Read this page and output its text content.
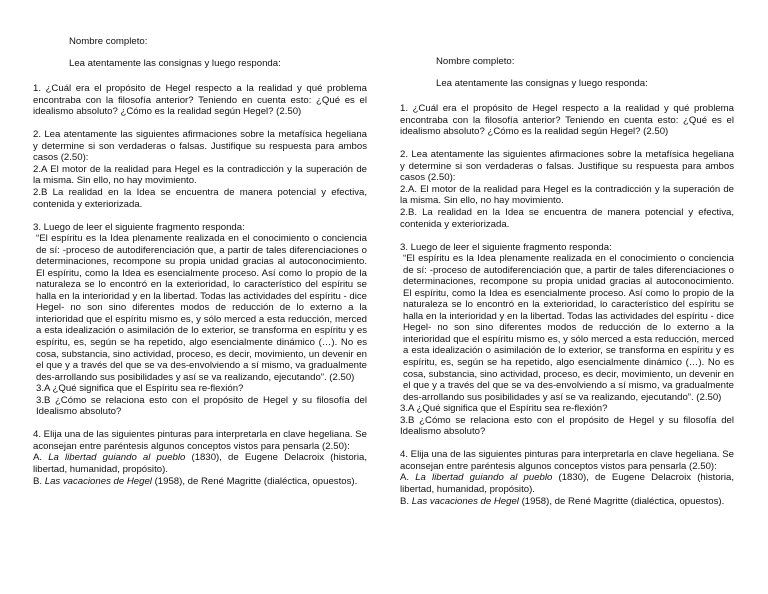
Nombre completo:

Lea atentamente las consignas y luego responda:

1. ¿Cuál era el propósito de Hegel respecto a la realidad y qué problema encontraba con la filosofía anterior? Teniendo en cuenta esto: ¿Qué es el idealismo absoluto? ¿Cómo es la realidad según Hegel? (2.50)

2. Lea atentamente las siguientes afirmaciones sobre la metafísica hegeliana y determine si son verdaderas o falsas. Justifique su respuesta para ambos casos (2.50):

2.A El motor de la realidad para Hegel es la contradicción y la superación de la misma. Sin ello, no hay movimiento.

2.B La realidad en la Idea se encuentra de manera potencial y efectiva, contenida y exteriorizada.

3. Luego de leer el siguiente fragmento responda:

“El espíritu es la Idea plenamente realizada en el conocimiento o conciencia de sí: -proceso de autodiferenciación que, a partir de tales diferenciaciones o determinaciones, recompone su propia unidad gracias al autoconocimiento. El espíritu, como la Idea es esencialmente proceso. Así como lo propio de la naturaleza se lo encontró en la exterioridad, lo característico del espíritu se halla en la interioridad y en la libertad. Todas las actividades del espíritu - dice Hegel- no son sino diferentes modos de reducción de lo externo a la interioridad que el espíritu mismo es, y sólo merced a esta reducción, merced a esta idealización o asimilación de lo exterior, se transforma en espíritu y es espíritu, es, según se ha repetido, algo esencialmente dinámico (…). No es cosa, substancia, sino actividad, proceso, es decir, movimiento, un devenir en el que y a través del que se va des-envolviendo a sí mismo, va gradualmente des-arrollando sus posibilidades y así se va realizando, ejecutando”. (2.50)

3.A ¿Qué significa que el Espíritu sea re-flexión?

3.B ¿Cómo se relaciona esto con el propósito de Hegel y su filosofía del Idealismo absoluto?

4. Elija una de las siguientes pinturas para interpretarla en clave hegeliana. Se aconsejan entre paréntesis algunos conceptos vistos para pensarla (2.50):

A. La libertad guiando al pueblo (1830), de Eugene Delacroix (historia, libertad, humanidad, propósito).

B. Las vacaciones de Hegel (1958), de René Magritte (dialéctica, opuestos).

Nombre completo:

Lea atentamente las consignas y luego responda:

1. ¿Cuál era el propósito de Hegel respecto a la realidad y qué problema encontraba con la filosofía anterior? Teniendo en cuenta esto: ¿Qué es el idealismo absoluto? ¿Cómo es la realidad según Hegel? (2.50)

2. Lea atentamente las siguientes afirmaciones sobre la metafísica hegeliana y determine si son verdaderas o falsas. Justifique su respuesta para ambos casos (2.50):

2.A. El motor de la realidad para Hegel es la contradicción y la superación de la misma. Sin ello, no hay movimiento.

2.B. La realidad en la Idea se encuentra de manera potencial y efectiva, contenida y exteriorizada.

3. Luego de leer el siguiente fragmento responda:

“El espíritu es la Idea plenamente realizada en el conocimiento o conciencia de sí: -proceso de autodiferenciación que, a partir de tales diferenciaciones o determinaciones, recompone su propia unidad gracias al autoconocimiento. El espíritu, como la Idea es esencialmente proceso. Así como lo propio de la naturaleza se lo encontró en la exterioridad, lo característico del espíritu se halla en la interioridad y en la libertad. Todas las actividades del espíritu - dice Hegel- no son sino diferentes modos de reducción de lo externo a la interioridad que el espíritu mismo es, y sólo merced a esta reducción, merced a esta idealización o asimilación de lo exterior, se transforma en espíritu y es espíritu, es, según se ha repetido, algo esencialmente dinámico (…). No es cosa, substancia, sino actividad, proceso, es decir, movimiento, un devenir en el que y a través del que se va des-envolviendo a sí mismo, va gradualmente des-arrollando sus posibilidades y así se va realizando, ejecutando”. (2.50)

3.A ¿Qué significa que el Espíritu sea re-flexión?

3.B ¿Cómo se relaciona esto con el propósito de Hegel y su filosofía del Idealismo absoluto?

4. Elija una de las siguientes pinturas para interpretarla en clave hegeliana. Se aconsejan entre paréntesis algunos conceptos vistos para pensarla (2.50):

A. La libertad guiando al pueblo (1830), de Eugene Delacroix (historia, libertad, humanidad, propósito).

B. Las vacaciones de Hegel (1958), de René Magritte (dialéctica, opuestos).
